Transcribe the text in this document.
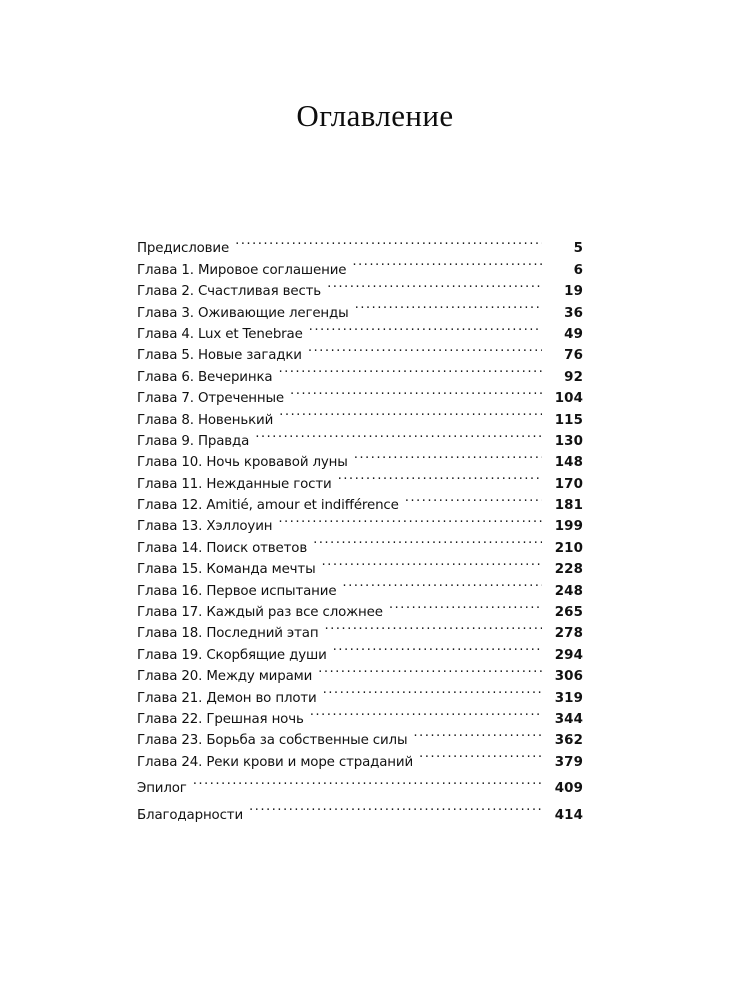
Оглавление
Предисловие .....	5
Глава 1. Мировое соглашение .....	6
Глава 2. Счастливая весть .....	19
Глава 3. Оживающие легенды .....	36
Глава 4. Lux et Tenebrae .....	49
Глава 5. Новые загадки .....	76
Глава 6. Вечеринка .....	92
Глава 7. Отреченные .....	104
Глава 8. Новенький .....	115
Глава 9. Правда .....	130
Глава 10. Ночь кровавой луны .....	148
Глава 11. Нежданные гости .....	170
Глава 12. Amitié, amour et indifférence .....	181
Глава 13. Хэллоуин .....	199
Глава 14. Поиск ответов .....	210
Глава 15. Команда мечты .....	228
Глава 16. Первое испытание .....	248
Глава 17. Каждый раз все сложнее .....	265
Глава 18. Последний этап .....	278
Глава 19. Скорбящие души .....	294
Глава 20. Между мирами .....	306
Глава 21. Демон во плоти .....	319
Глава 22. Грешная ночь .....	344
Глава 23. Борьба за собственные силы .....	362
Глава 24. Реки крови и море страданий .....	379
Эпилог .....	409
Благодарности .....	414
